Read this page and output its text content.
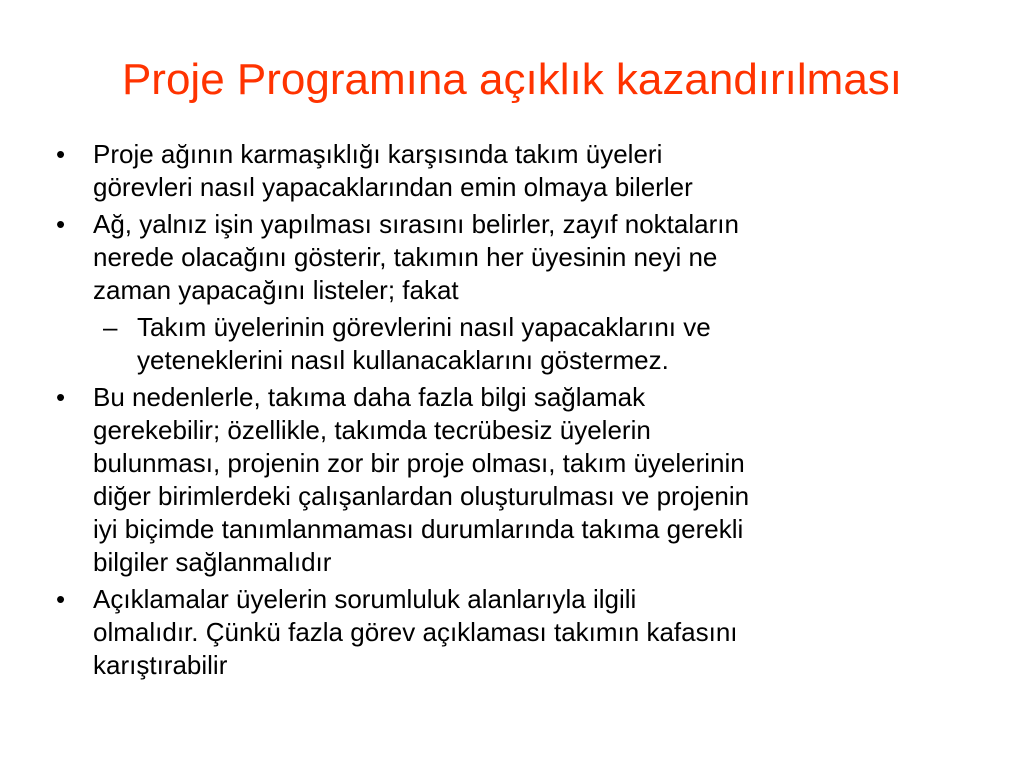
Proje Programına açıklık kazandırılması
•	Proje ağının karmaşıklığı karşısında takım üyeleri
görevleri nasıl yapacaklarından emin olmaya bilerler
•	Ağ, yalnız işin yapılması sırasını belirler, zayıf noktaların
nerede olacağını gösterir, takımın her üyesinin neyi ne
zaman yapacağını listeler; fakat
– Takım üyelerinin görevlerini nasıl yapacaklarını ve
yeteneklerini nasıl kullanacaklarını göstermez.
•	Bu nedenlerle, takıma daha fazla bilgi sağlamak
gerekebilir; özellikle, takımda tecrübesiz üyelerin
bulunması, projenin zor bir proje olması, takım üyelerinin
diğer birimlerdeki çalışanlardan oluşturulması ve projenin
iyi biçimde tanımlanmaması durumlarında takıma gerekli
bilgiler sağlanmalıdır
•	Açıklamalar üyelerin sorumluluk alanlarıyla ilgili
olmalıdır. Çünkü fazla görev açıklaması takımın kafasını
karıştırabilir
